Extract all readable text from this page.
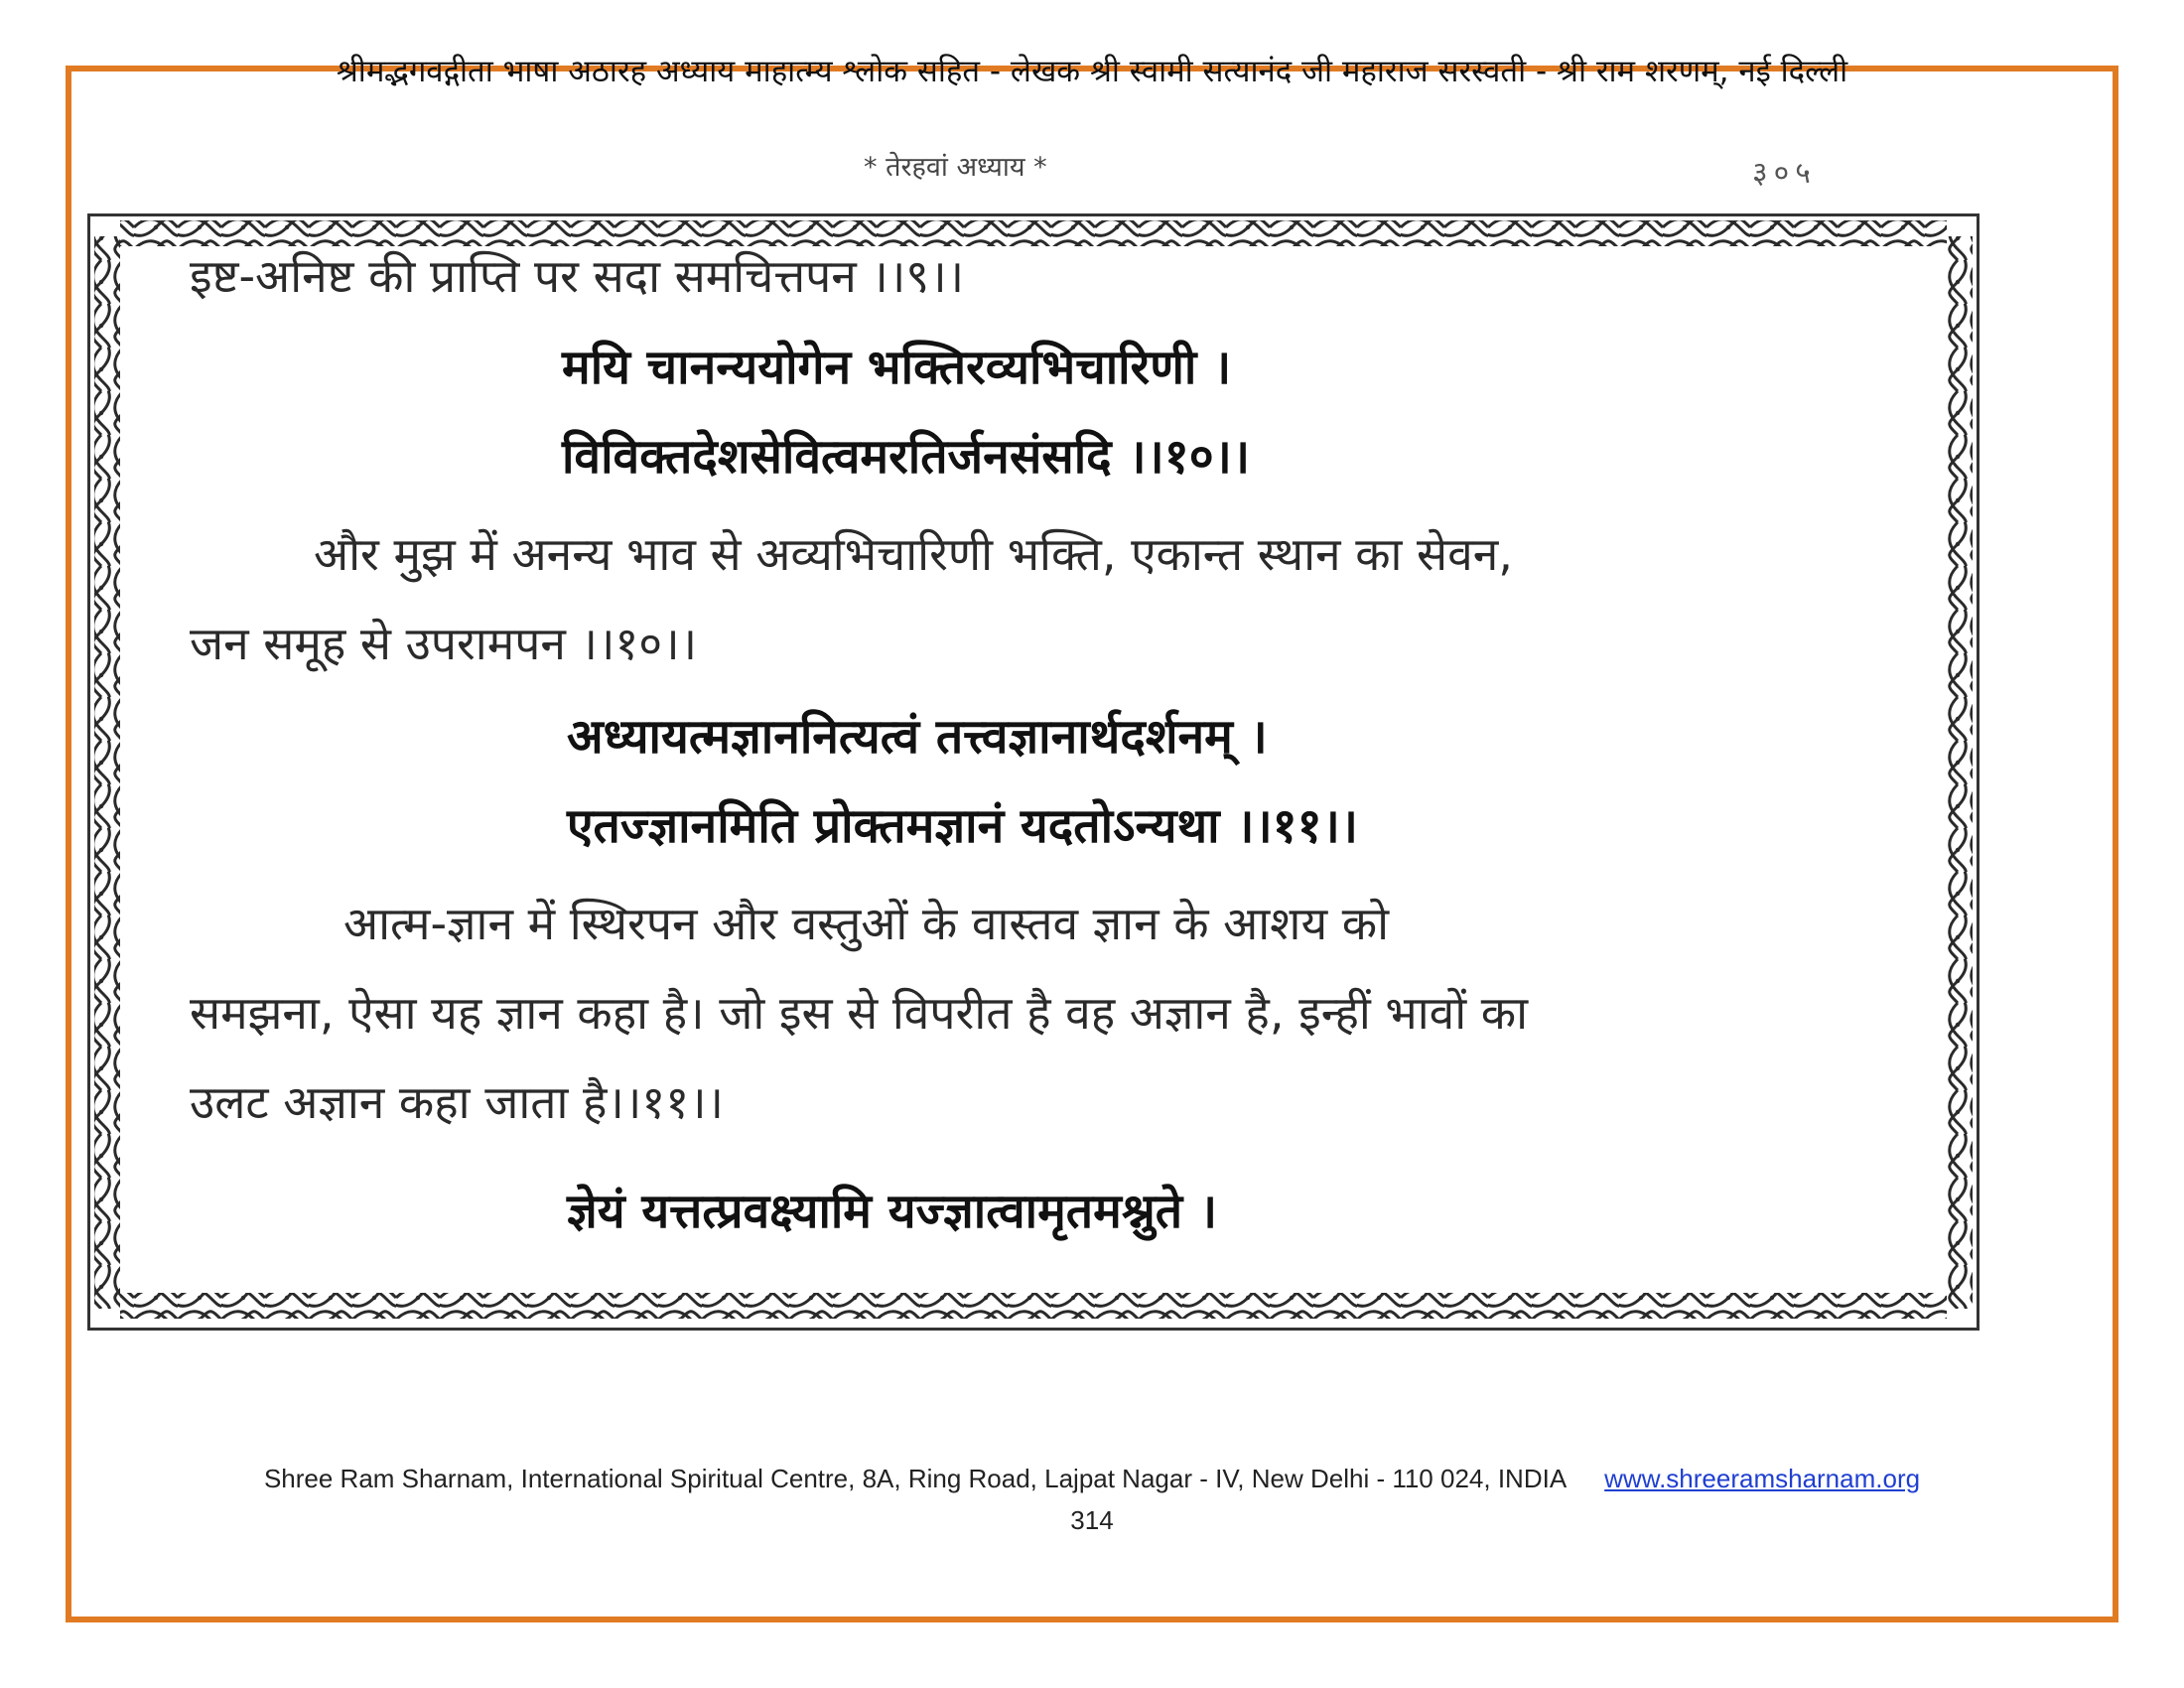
श्रीमद्भगवद्गीता भाषा अठारह अध्याय माहात्म्य श्लोक सहित - लेखक श्री स्वामी सत्यानंद जी महाराज सरस्वती - श्री राम शरणम्, नई दिल्ली
* तेरहवां अध्याय *	३०५
इष्ट-अनिष्ट की प्राप्ति पर सदा समचित्तपन ।।९।।
मयि चानन्ययोगेन भक्तिरव्यभिचारिणी ।
विविक्तदेशसेवित्वमरतिर्जनसंसदि ।।१०।।
और मुझ में अनन्य भाव से अव्यभिचारिणी भक्ति, एकान्त स्थान का सेवन,
जन समूह से उपरामपन ।।१०।।
अध्यायत्मज्ञाननित्यत्वं तत्त्वज्ञानार्थदर्शनम् ।
एतज्ज्ञानमिति प्रोक्तमज्ञानं यदतोऽन्यथा ।।११।।
आत्म-ज्ञान में स्थिरपन और वस्तुओं के वास्तव ज्ञान के आशय को
समझना, ऐसा यह ज्ञान कहा है। जो इस से विपरीत है वह अज्ञान है, इन्हीं भावों का
उलट अज्ञान कहा जाता है।।११।।
ज्ञेयं यत्तत्प्रवक्ष्यामि यज्ज्ञात्वामृतमश्नुते ।
Shree Ram Sharnam, International Spiritual Centre, 8A, Ring Road, Lajpat Nagar - IV, New Delhi - 110 024, INDIA www.shreeramsharnam.org
314
